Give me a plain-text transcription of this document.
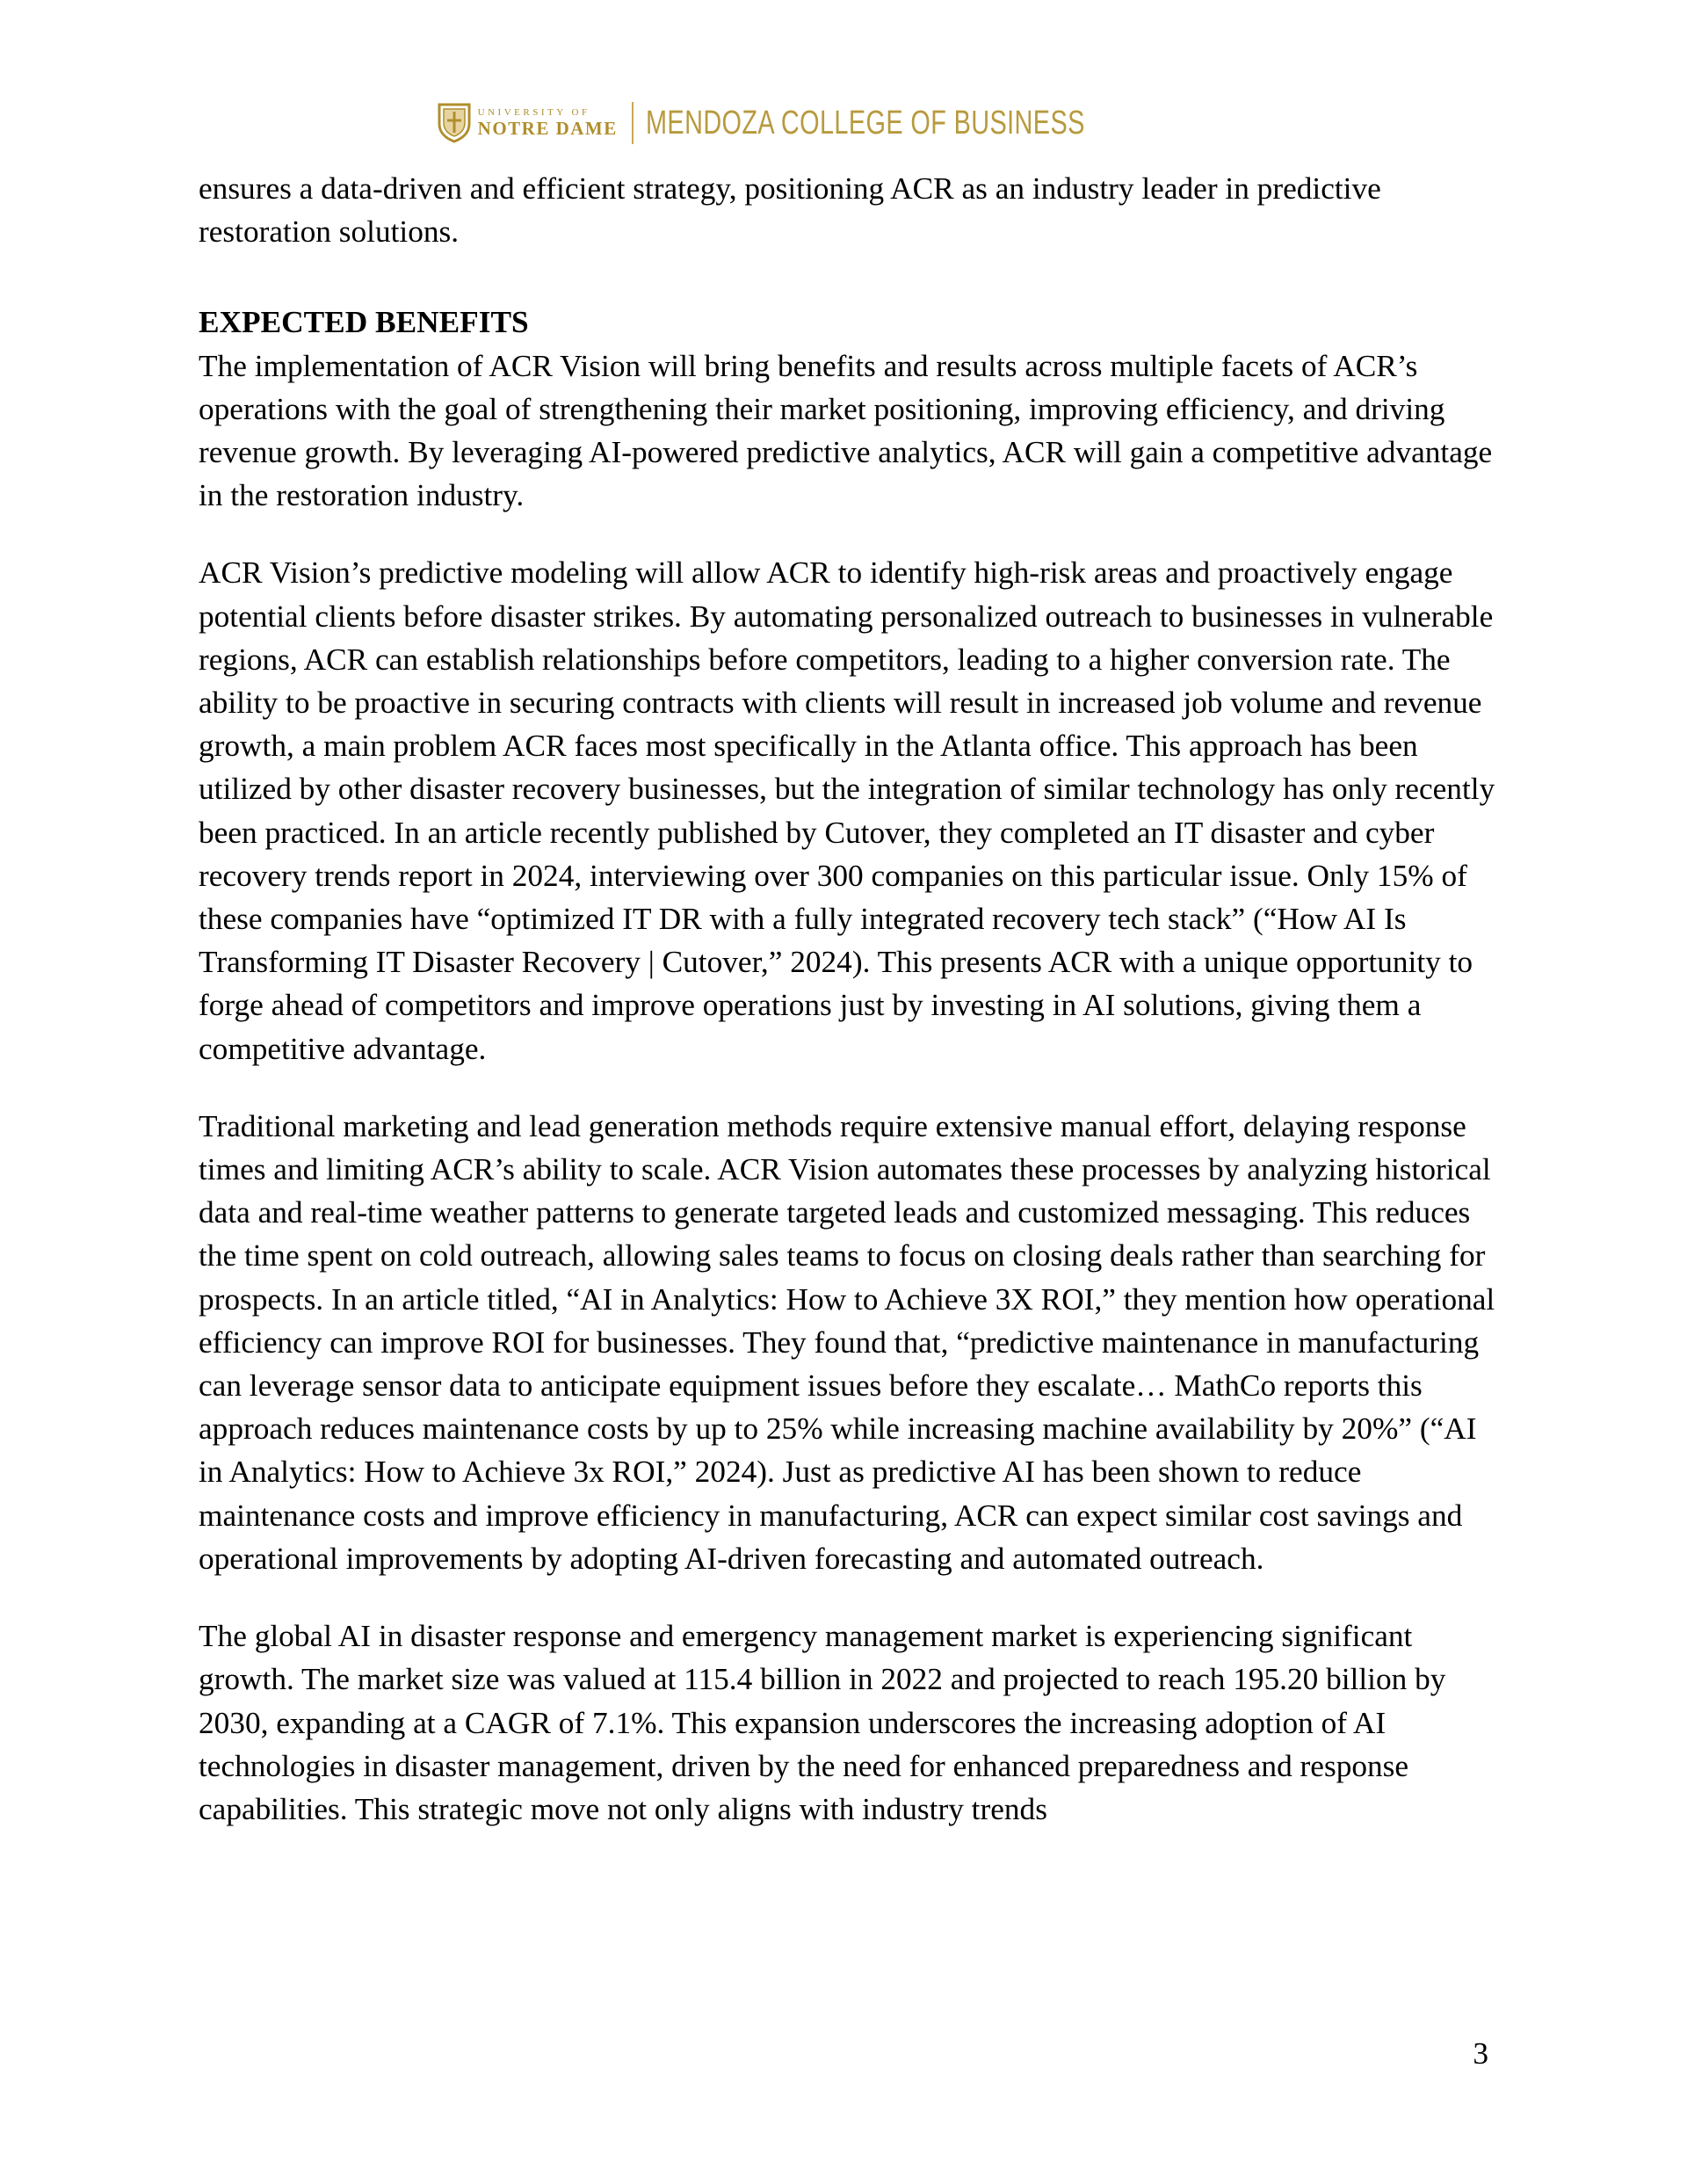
UNIVERSITY OF
NOTRE DAME MENDOZA COLLEGE OF BUSINESS

ensures a data-driven and efficient strategy, positioning ACR as an industry leader in predictive restoration solutions.

EXPECTED BENEFITS

The implementation of ACR Vision will bring benefits and results across multiple facets of ACR’s operations with the goal of strengthening their market positioning, improving efficiency, and driving revenue growth. By leveraging AI-powered predictive analytics, ACR will gain a competitive advantage in the restoration industry.

ACR Vision’s predictive modeling will allow ACR to identify high-risk areas and proactively engage potential clients before disaster strikes. By automating personalized outreach to businesses in vulnerable regions, ACR can establish relationships before competitors, leading to a higher conversion rate. The ability to be proactive in securing contracts with clients will result in increased job volume and revenue growth, a main problem ACR faces most specifically in the Atlanta office. This approach has been utilized by other disaster recovery businesses, but the integration of similar technology has only recently been practiced. In an article recently published by Cutover, they completed an IT disaster and cyber recovery trends report in 2024, interviewing over 300 companies on this particular issue. Only 15% of these companies have “optimized IT DR with a fully integrated recovery tech stack” (“How AI Is Transforming IT Disaster Recovery | Cutover,” 2024). This presents ACR with a unique opportunity to forge ahead of competitors and improve operations just by investing in AI solutions, giving them a competitive advantage.

Traditional marketing and lead generation methods require extensive manual effort, delaying response times and limiting ACR’s ability to scale. ACR Vision automates these processes by analyzing historical data and real-time weather patterns to generate targeted leads and customized messaging. This reduces the time spent on cold outreach, allowing sales teams to focus on closing deals rather than searching for prospects. In an article titled, “AI in Analytics: How to Achieve 3X ROI,” they mention how operational efficiency can improve ROI for businesses. They found that, “predictive maintenance in manufacturing can leverage sensor data to anticipate equipment issues before they escalate… MathCo reports this approach reduces maintenance costs by up to 25% while increasing machine availability by 20%” (“AI in Analytics: How to Achieve 3x ROI,” 2024). Just as predictive AI has been shown to reduce maintenance costs and improve efficiency in manufacturing, ACR can expect similar cost savings and operational improvements by adopting AI-driven forecasting and automated outreach.

The global AI in disaster response and emergency management market is experiencing significant growth. The market size was valued at 115.4 billion in 2022 and projected to reach 195.20 billion by 2030, expanding at a CAGR of 7.1%. This expansion underscores the increasing adoption of AI technologies in disaster management, driven by the need for enhanced preparedness and response capabilities. This strategic move not only aligns with industry trends

3
